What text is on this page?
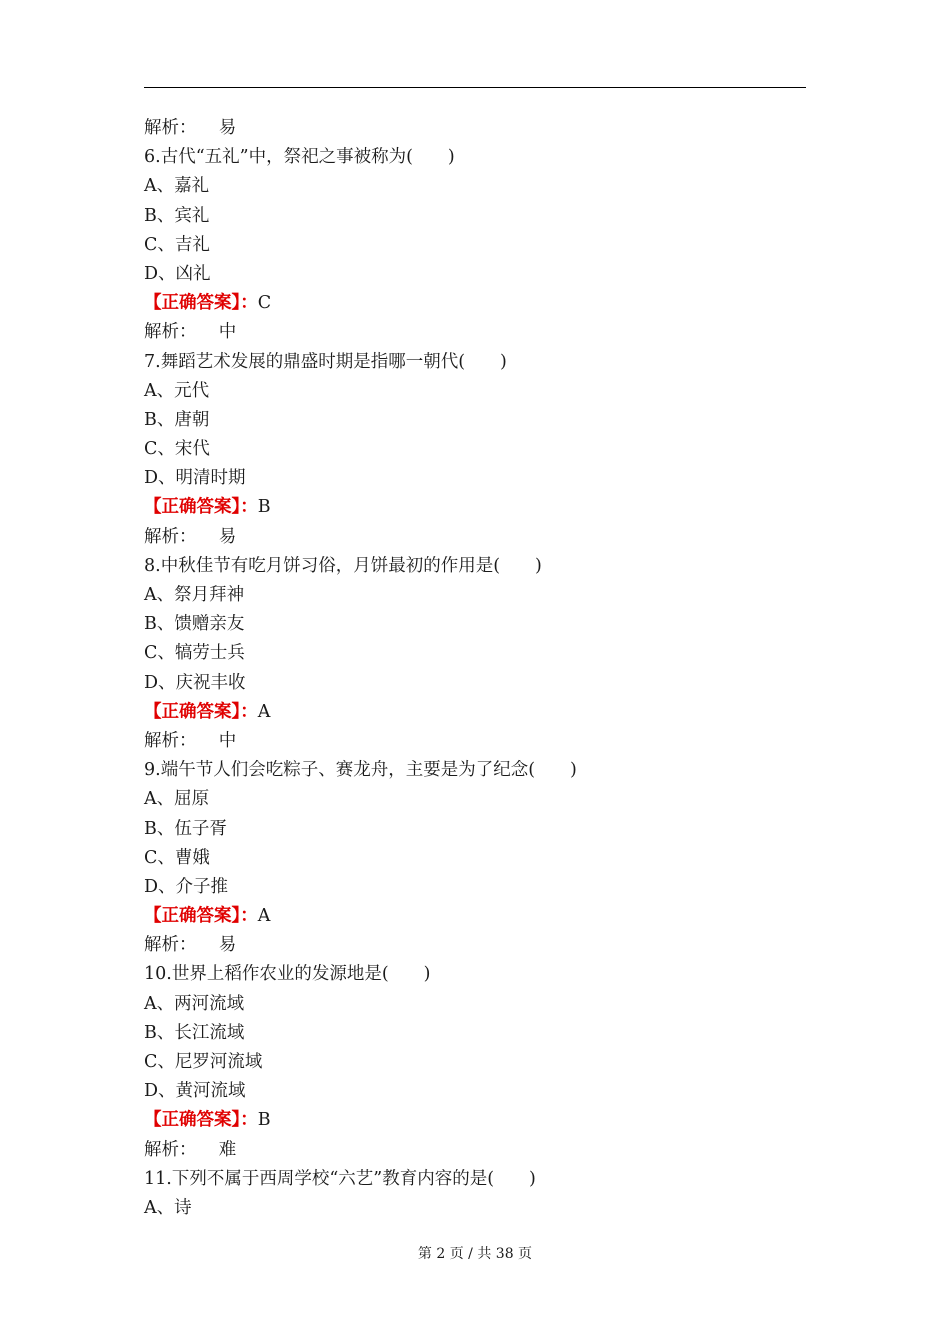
解析：    易
6.古代“五礼”中，祭祀之事被称为(　　)
A、嘉礼
B、宾礼
C、吉礼
D、凶礼
【正确答案】：C
解析：    中
7.舞蹈艺术发展的鼎盛时期是指哪一朝代(　　)
A、元代
B、唐朝
C、宋代
D、明清时期
【正确答案】：B
解析：    易
8.中秋佳节有吃月饼习俗，月饼最初的作用是(　　)
A、祭月拜神
B、馈赠亲友
C、犒劳士兵
D、庆祝丰收
【正确答案】：A
解析：    中
9.端午节人们会吃粽子、赛龙舟，主要是为了纪念(　　)
A、屈原
B、伍子胥
C、曹娥
D、介子推
【正确答案】：A
解析：    易
10.世界上稻作农业的发源地是(　　)
A、两河流域
B、长江流域
C、尼罗河流域
D、黄河流域
【正确答案】：B
解析：    难
11.下列不属于西周学校“六艺”教育内容的是(　　)
A、诗
第 2 页 / 共 38 页
